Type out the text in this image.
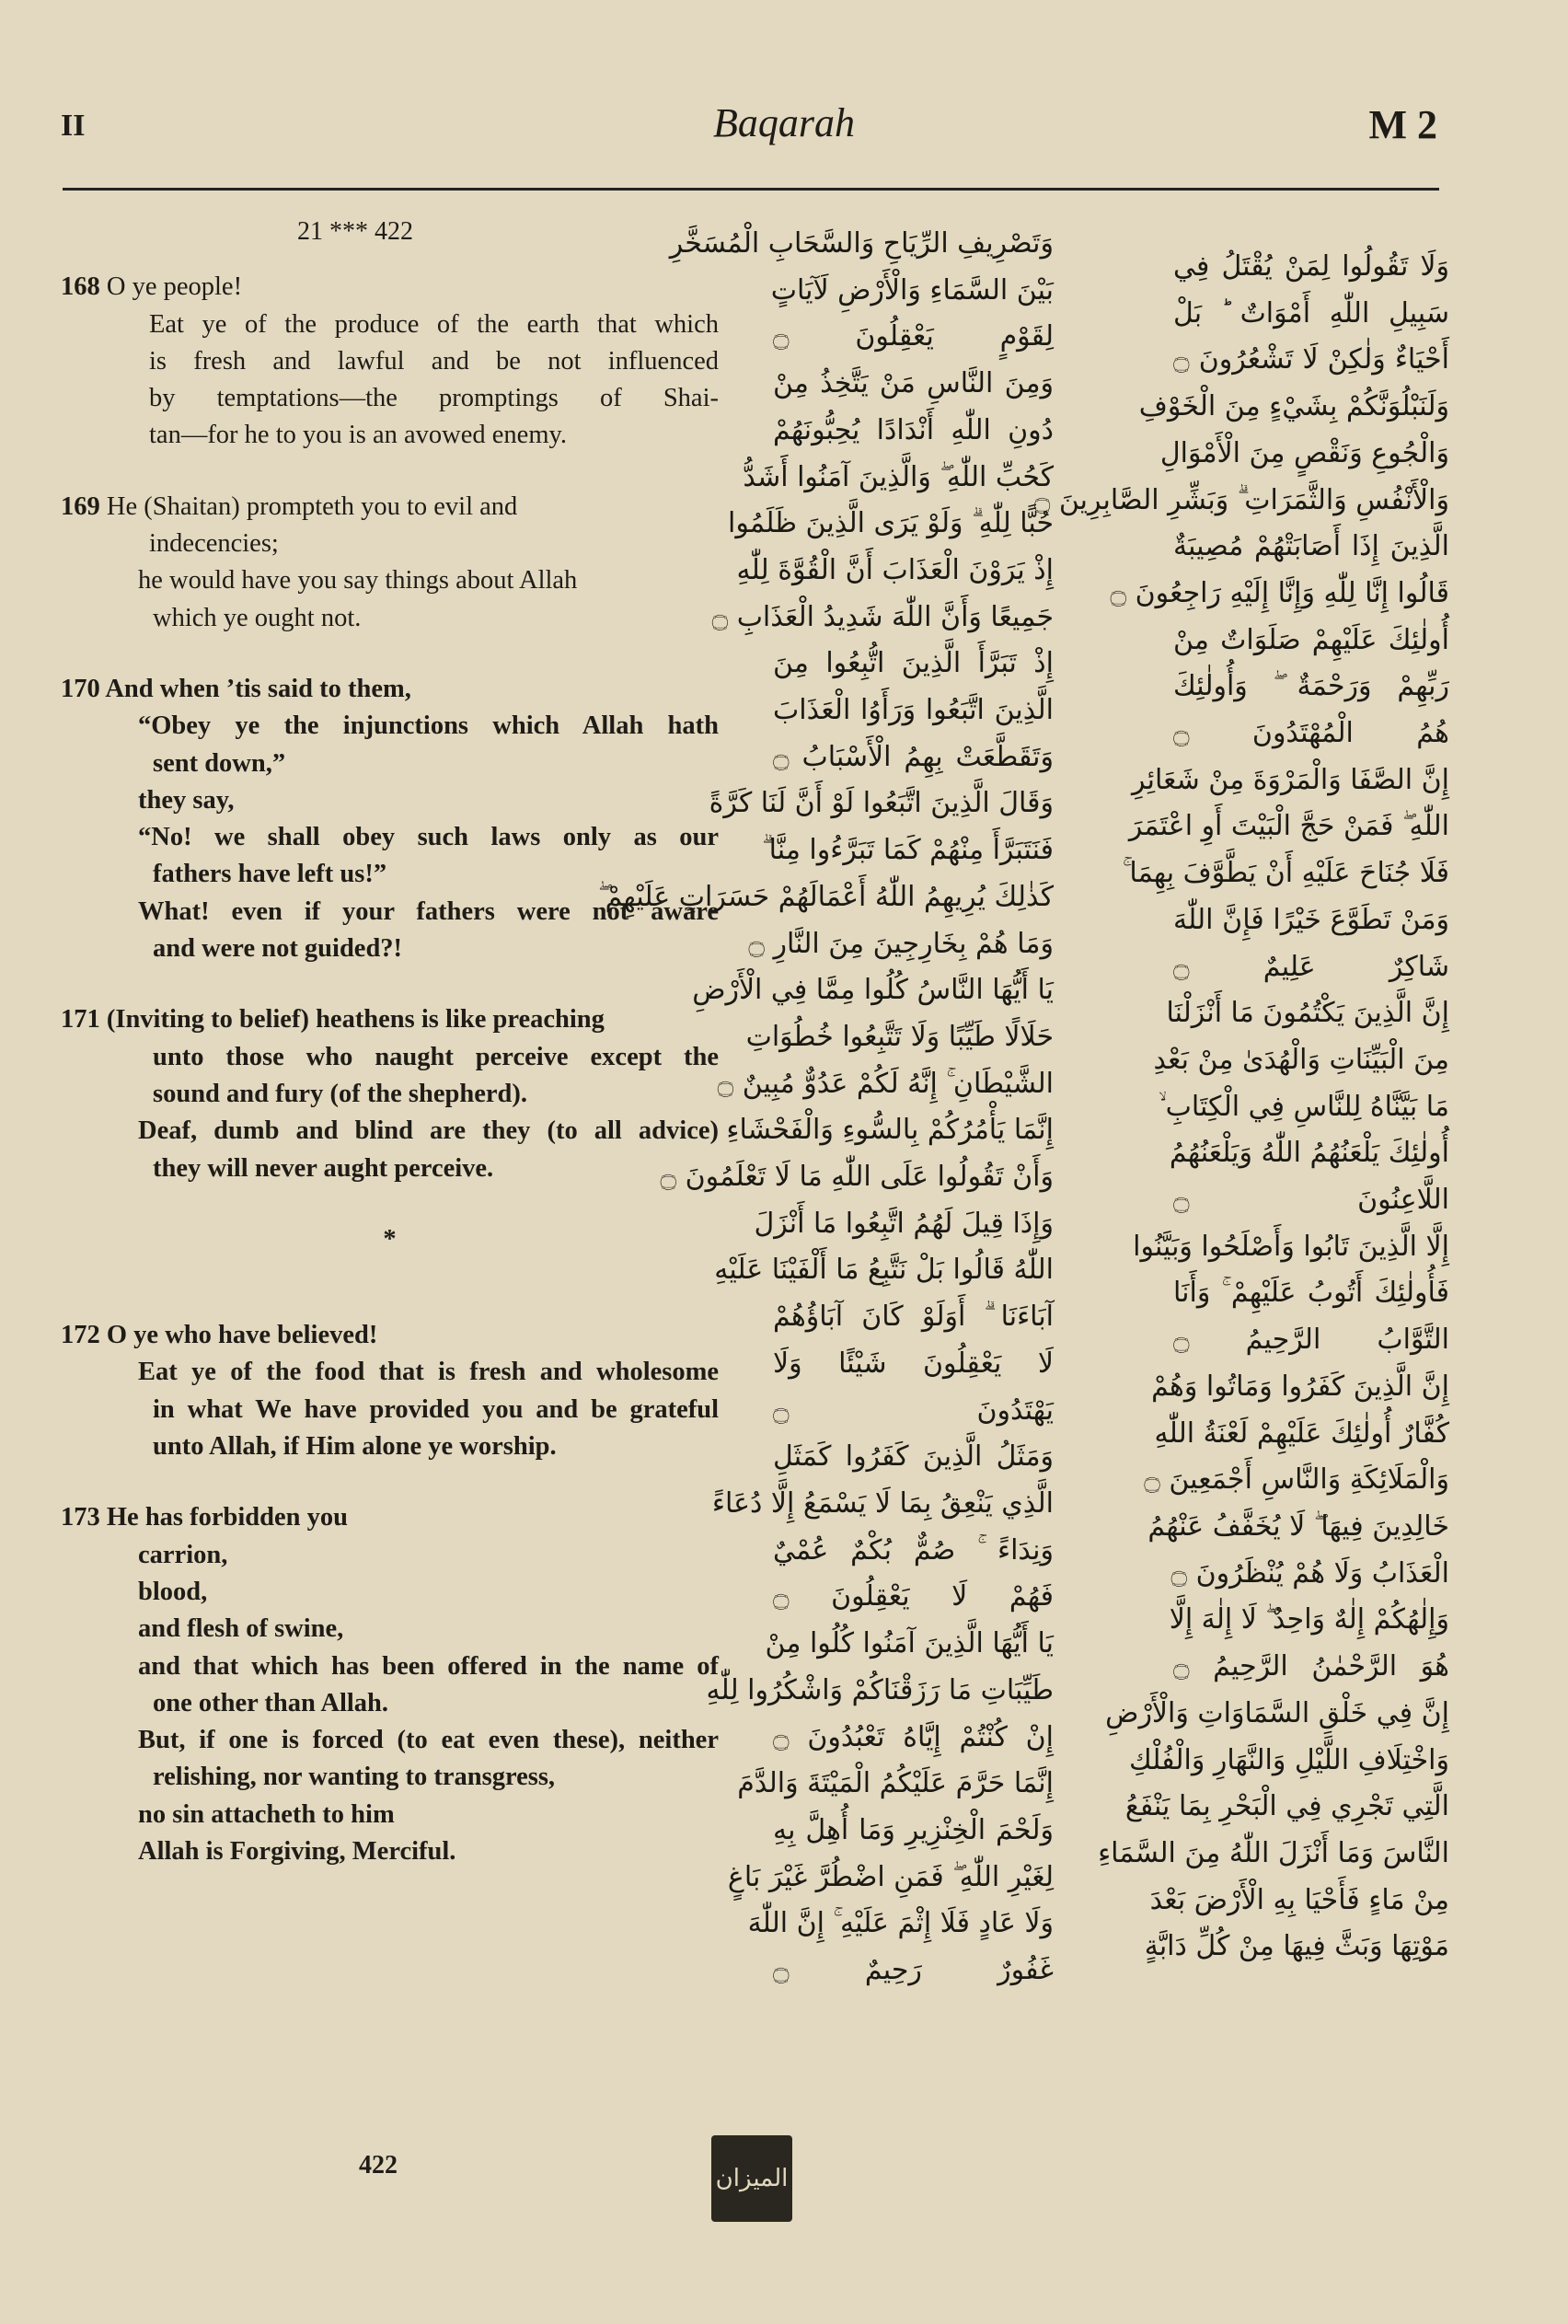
II	Baqarah	M 2
21 *** 422
168 O ye people!
Eat ye of the produce of the earth that which
is fresh and lawful and be not influenced
by temptations—the promptings of Shai-
tan—for he to you is an avowed enemy.
169 He (Shaitan) prompteth you to evil and
indecencies;
he would have you say things about Allah
which ye ought not.
170 And when ’tis said to them,
“Obey ye the injunctions which Allah hath
sent down,”
they say,
“No! we shall obey such laws only as our
fathers have left us!”
What! even if your fathers were not aware
and were not guided?!
171 (Inviting to belief) heathens is like preaching
unto those who naught perceive except the
sound and fury (of the shepherd).
Deaf, dumb and blind are they (to all advice)
they will never aught perceive.
*
172 O ye who have believed!
Eat ye of the food that is fresh and wholesome
in what We have provided you and be grateful
unto Allah, if Him alone ye worship.
173 He has forbidden you
carrion,
blood,
and flesh of swine,
and that which has been offered in the name of
one other than Allah.
But, if one is forced (to eat even these), neither
relishing, nor wanting to transgress,
no sin attacheth to him
Allah is Forgiving, Merciful.
وَتَصْرِيفِ الرِّيَاحِ وَالسَّحَابِ الْمُسَخَّرِ
بَيْنَ السَّمَاءِ وَالْأَرْضِ لَآيَاتٍ
لِقَوْمٍ يَعْقِلُونَ ۝
وَمِنَ النَّاسِ مَنْ يَتَّخِذُ مِنْ
دُونِ اللّٰهِ أَنْدَادًا يُحِبُّونَهُمْ
كَحُبِّ اللّٰهِ ۖ وَالَّذِينَ آمَنُوا أَشَدُّ
حُبًّا لِلّٰهِ ۗ وَلَوْ يَرَى الَّذِينَ ظَلَمُوا
إِذْ يَرَوْنَ الْعَذَابَ أَنَّ الْقُوَّةَ لِلّٰهِ
جَمِيعًا وَأَنَّ اللّٰهَ شَدِيدُ الْعَذَابِ ۝
إِذْ تَبَرَّأَ الَّذِينَ اتُّبِعُوا مِنَ
الَّذِينَ اتَّبَعُوا وَرَأَوُا الْعَذَابَ
وَتَقَطَّعَتْ بِهِمُ الْأَسْبَابُ ۝
وَقَالَ الَّذِينَ اتَّبَعُوا لَوْ أَنَّ لَنَا كَرَّةً
فَنَتَبَرَّأَ مِنْهُمْ كَمَا تَبَرَّءُوا مِنَّا ۗ
كَذٰلِكَ يُرِيهِمُ اللّٰهُ أَعْمَالَهُمْ حَسَرَاتٍ عَلَيْهِمْ ۖ
وَمَا هُمْ بِخَارِجِينَ مِنَ النَّارِ ۝
يَا أَيُّهَا النَّاسُ كُلُوا مِمَّا فِي الْأَرْضِ
حَلَالًا طَيِّبًا وَلَا تَتَّبِعُوا خُطُوَاتِ
الشَّيْطَانِ ۚ إِنَّهُ لَكُمْ عَدُوٌّ مُبِينٌ ۝
إِنَّمَا يَأْمُرُكُمْ بِالسُّوءِ وَالْفَحْشَاءِ
وَأَنْ تَقُولُوا عَلَى اللّٰهِ مَا لَا تَعْلَمُونَ ۝
وَإِذَا قِيلَ لَهُمُ اتَّبِعُوا مَا أَنْزَلَ
اللّٰهُ قَالُوا بَلْ نَتَّبِعُ مَا أَلْفَيْنَا عَلَيْهِ
آبَاءَنَا ۗ أَوَلَوْ كَانَ آبَاؤُهُمْ
لَا يَعْقِلُونَ شَيْئًا وَلَا
يَهْتَدُونَ ۝
وَمَثَلُ الَّذِينَ كَفَرُوا كَمَثَلِ
الَّذِي يَنْعِقُ بِمَا لَا يَسْمَعُ إِلَّا دُعَاءً
وَنِدَاءً ۚ صُمٌّ بُكْمٌ عُمْيٌ
فَهُمْ لَا يَعْقِلُونَ ۝
يَا أَيُّهَا الَّذِينَ آمَنُوا كُلُوا مِنْ
طَيِّبَاتِ مَا رَزَقْنَاكُمْ وَاشْكُرُوا لِلّٰهِ
إِنْ كُنْتُمْ إِيَّاهُ تَعْبُدُونَ ۝
إِنَّمَا حَرَّمَ عَلَيْكُمُ الْمَيْتَةَ وَالدَّمَ
وَلَحْمَ الْخِنْزِيرِ وَمَا أُهِلَّ بِهِ
لِغَيْرِ اللّٰهِ ۖ فَمَنِ اضْطُرَّ غَيْرَ بَاغٍ
وَلَا عَادٍ فَلَا إِثْمَ عَلَيْهِ ۚ إِنَّ اللّٰهَ
غَفُورٌ رَحِيمٌ ۝
وَلَا تَقُولُوا لِمَنْ يُقْتَلُ فِي
سَبِيلِ اللّٰهِ أَمْوَاتٌ ؕ بَلْ
أَحْيَاءٌ وَلٰكِنْ لَا تَشْعُرُونَ ۝
وَلَنَبْلُوَنَّكُمْ بِشَيْءٍ مِنَ الْخَوْفِ
وَالْجُوعِ وَنَقْصٍ مِنَ الْأَمْوَالِ
وَالْأَنْفُسِ وَالثَّمَرَاتِ ۗ وَبَشِّرِ الصَّابِرِينَ ۝
الَّذِينَ إِذَا أَصَابَتْهُمْ مُصِيبَةٌ
قَالُوا إِنَّا لِلّٰهِ وَإِنَّا إِلَيْهِ رَاجِعُونَ ۝
أُولٰئِكَ عَلَيْهِمْ صَلَوَاتٌ مِنْ
رَبِّهِمْ وَرَحْمَةٌ ۖ وَأُولٰئِكَ
هُمُ الْمُهْتَدُونَ ۝
إِنَّ الصَّفَا وَالْمَرْوَةَ مِنْ شَعَائِرِ
اللّٰهِ ۖ فَمَنْ حَجَّ الْبَيْتَ أَوِ اعْتَمَرَ
فَلَا جُنَاحَ عَلَيْهِ أَنْ يَطَّوَّفَ بِهِمَا ۚ
وَمَنْ تَطَوَّعَ خَيْرًا فَإِنَّ اللّٰهَ
شَاكِرٌ عَلِيمٌ ۝
إِنَّ الَّذِينَ يَكْتُمُونَ مَا أَنْزَلْنَا
مِنَ الْبَيِّنَاتِ وَالْهُدَىٰ مِنْ بَعْدِ
مَا بَيَّنَّاهُ لِلنَّاسِ فِي الْكِتَابِ ۙ
أُولٰئِكَ يَلْعَنُهُمُ اللّٰهُ وَيَلْعَنُهُمُ
اللَّاعِنُونَ ۝
إِلَّا الَّذِينَ تَابُوا وَأَصْلَحُوا وَبَيَّنُوا
فَأُولٰئِكَ أَتُوبُ عَلَيْهِمْ ۚ وَأَنَا
التَّوَّابُ الرَّحِيمُ ۝
إِنَّ الَّذِينَ كَفَرُوا وَمَاتُوا وَهُمْ
كُفَّارٌ أُولٰئِكَ عَلَيْهِمْ لَعْنَةُ اللّٰهِ
وَالْمَلَائِكَةِ وَالنَّاسِ أَجْمَعِينَ ۝
خَالِدِينَ فِيهَا ۖ لَا يُخَفَّفُ عَنْهُمُ
الْعَذَابُ وَلَا هُمْ يُنْظَرُونَ ۝
وَإِلٰهُكُمْ إِلٰهٌ وَاحِدٌ ۖ لَا إِلٰهَ إِلَّا
هُوَ الرَّحْمٰنُ الرَّحِيمُ ۝
إِنَّ فِي خَلْقِ السَّمَاوَاتِ وَالْأَرْضِ
وَاخْتِلَافِ اللَّيْلِ وَالنَّهَارِ وَالْفُلْكِ
الَّتِي تَجْرِي فِي الْبَحْرِ بِمَا يَنْفَعُ
النَّاسَ وَمَا أَنْزَلَ اللّٰهُ مِنَ السَّمَاءِ
مِنْ مَاءٍ فَأَحْيَا بِهِ الْأَرْضَ بَعْدَ
مَوْتِهَا وَبَثَّ فِيهَا مِنْ كُلِّ دَابَّةٍ
422	الميزان
